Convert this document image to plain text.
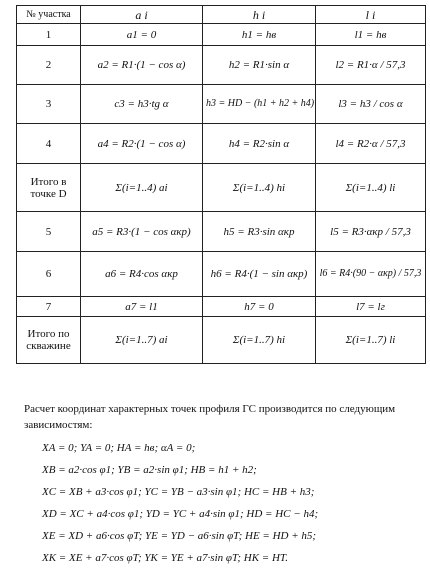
№ участка	a i	h i	l i
1	a1 = 0	h1 = hв	l1 = hв
2	a2 = R1·(1 − cos α)	h2 = R1·sin α	l2 = R1·α / 57,3
3	c3 = h3·tg α	h3 = HD − (h1 + h2 + h4)	l3 = h3 / cos α
4	a4 = R2·(1 − cos α)	h4 = R2·sin α	l4 = R2·α / 57,3
Итого в точке D	Σ(i=1..4) ai	Σ(i=1..4) hi	Σ(i=1..4) li
5	a5 = R3·(1 − cos αкр)	h5 = R3·sin αкр	l5 = R3·αкр / 57,3
6	a6 = R4·cos αкр	h6 = R4·(1 − sin αкр)	l6 = R4·(90 − αкр) / 57,3
7	a7 = l1	h7 = 0	l7 = lг
Итого по скважине	Σ(i=1..7) ai	Σ(i=1..7) hi	Σ(i=1..7) li
Расчет координат характерных точек профиля ГС производится по следующим зависимостям:
XA = 0; YA = 0; HA = hв; αA = 0;
XB = a2·cos φ1; YB = a2·sin φ1; HB = h1 + h2;
XC = XB + a3·cos φ1; YC = YB − a3·sin φ1; HC = HB + h3;
XD = XC + a4·cos φ1; YD = YC + a4·sin φ1; HD = HC − h4;
XE = XD + a6·cos φT; YE = YD − a6·sin φT; HE = HD + h5;
XK = XE + a7·cos φT; YK = YE + a7·sin φT; HK = HT.
